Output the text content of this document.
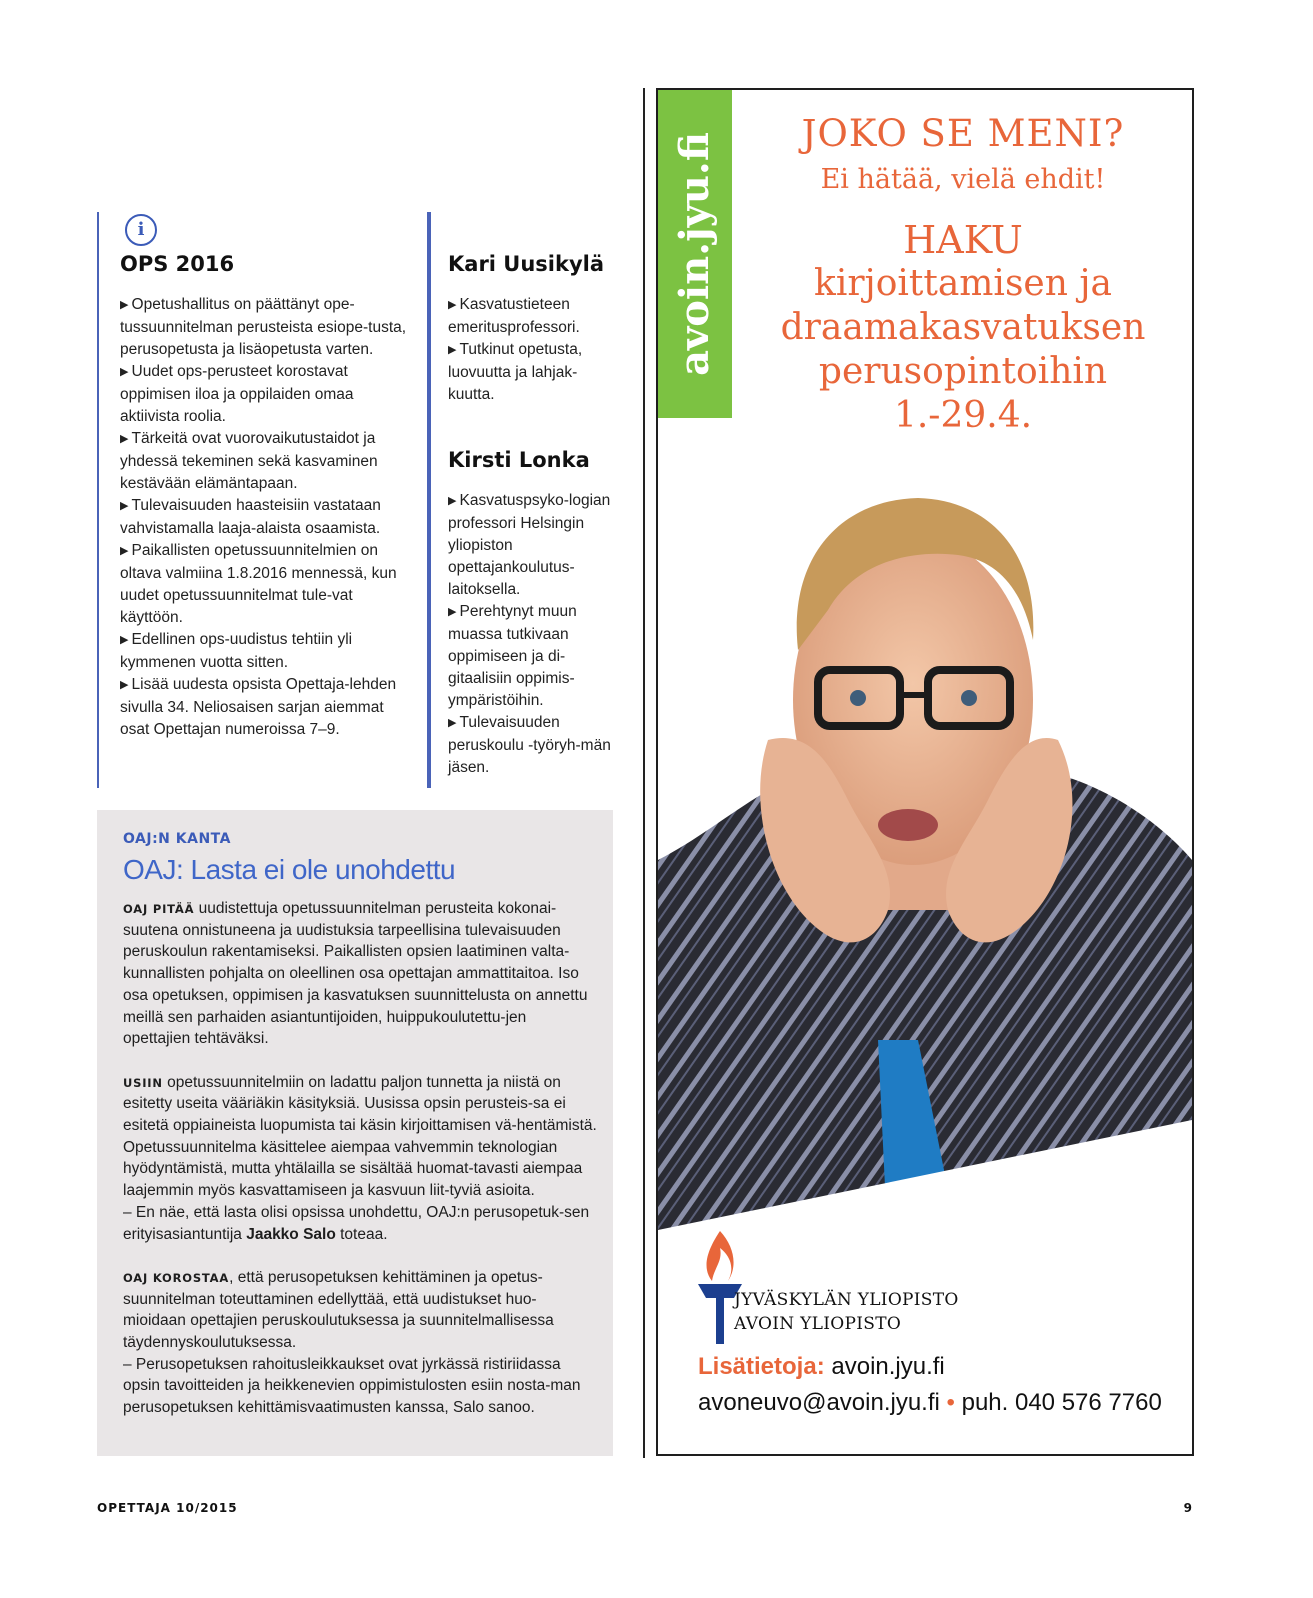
i
OPS 2016
▶ Opetushallitus on päättänyt ope-tussuunnitelman perusteista esiope-tusta, perusopetusta ja lisäopetusta varten.
▶ Uudet ops-perusteet korostavat oppimisen iloa ja oppilaiden omaa aktiivista roolia.
▶ Tärkeitä ovat vuorovaikutustaidot ja yhdessä tekeminen sekä kasvaminen kestävään elämäntapaan.
▶ Tulevaisuuden haasteisiin vastataan vahvistamalla laaja-alaista osaamista.
▶ Paikallisten opetussuunnitelmien on oltava valmiina 1.8.2016 mennessä, kun uudet opetussuunnitelmat tule-vat käyttöön.
▶ Edellinen ops-uudistus tehtiin yli kymmenen vuotta sitten.
▶ Lisää uudesta opsista Opettaja-lehden sivulla 34. Neliosaisen sarjan aiemmat osat Opettajan numeroissa 7–9.
Kari Uusikylä
▶ Kasvatustieteen emeritusprofessori.
▶ Tutkinut opetusta, luovuutta ja lahjak-kuutta.
Kirsti Lonka
▶ Kasvatuspsyko-logian professori Helsingin yliopiston opettajankoulutus-laitoksella.
▶ Perehtynyt muun muassa tutkivaan oppimiseen ja di-gitaalisiin oppimis-ympäristöihin.
▶ Tulevaisuuden peruskoulu -työryh-män jäsen.
OAJ:N KANTA
OAJ: Lasta ei ole unohdettu

OAJ PITÄÄ uudistettuja opetussuunnitelman perusteita kokonai-suutena onnistuneena ja uudistuksia tarpeellisina tulevaisuuden peruskoulun rakentamiseksi. Paikallisten opsien laatiminen valta-kunnallisten pohjalta on oleellinen osa opettajan ammattitaitoa. Iso osa opetuksen, oppimisen ja kasvatuksen suunnittelusta on annettu meillä sen parhaiden asiantuntijoiden, huippukoulutettu-jen opettajien tehtäväksi.

USIIN opetussuunnitelmiin on ladattu paljon tunnetta ja niistä on esitetty useita vääriäkin käsityksiä. Uusissa opsin perusteis-sa ei esitetä oppiaineista luopumista tai käsin kirjoittamisen vä-hentämistä. Opetussuunnitelma käsittelee aiempaa vahvemmin teknologian hyödyntämistä, mutta yhtälailla se sisältää huomat-tavasti aiempaa laajemmin myös kasvattamiseen ja kasvuun liit-tyviä asioita.

– En näe, että lasta olisi opsissa unohdettu, OAJ:n perusopetuk-sen erityisasiantuntija Jaakko Salo toteaa.

OAJ KOROSTAA, että perusopetuksen kehittäminen ja opetus-suunnitelman toteuttaminen edellyttää, että uudistukset huo-mioidaan opettajien peruskoulutuksessa ja suunnitelmallisessa täydennyskoulutuksessa.

– Perusopetuksen rahoitusleikkaukset ovat jyrkässä ristiriidassa opsin tavoitteiden ja heikkenevien oppimistulosten esiin nosta-man perusopetuksen kehittämisvaatimusten kanssa, Salo sanoo.

avoin.jyu.fi	JOKO SE MENI?
Ei hätää, vielä ehdit!
HAKU
kirjoittamisen ja
draamakasvatuksen
perusopintoihin
1.-29.4.
JYVÄSKYLÄN YLIOPISTO
AVOIN YLIOPISTO
Lisätietoja: avoin.jyu.fi
avoneuvo@avoin.jyu.fi • puh. 040 576 7760
OPETTAJA 10/2015	9
